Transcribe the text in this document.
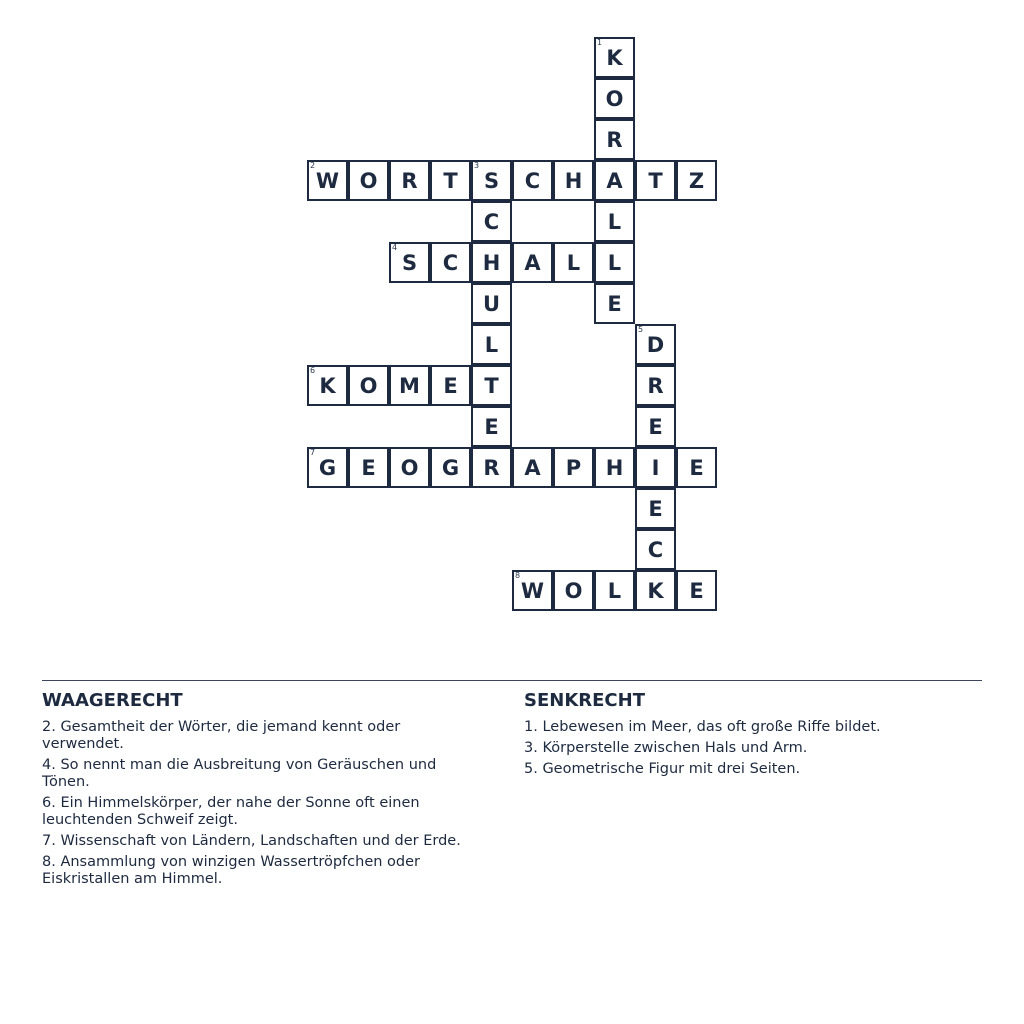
1
K
O
R
A
L
L
E
2
W O	R	T
3
S	C	H	T	Z
C
H
U
L
T
E
4
S	C	A	L
5
D
R
E
I
E
C
K
6
K	O	M	E
7
G	E	O	G	R	A	P	H	E
8
W O	L	E
WAAGERECHT

2. Gesamtheit der Wörter, die jemand kennt oder verwendet.

4. So nennt man die Ausbreitung von Geräuschen und Tönen.

6. Ein Himmelskörper, der nahe der Sonne oft einen leuchtenden Schweif zeigt.

7. Wissenschaft von Ländern, Landschaften und der Erde.

8. Ansammlung von winzigen Wassertröpfchen oder Eiskristallen am Himmel.

SENKRECHT

1. Lebewesen im Meer, das oft große Riffe bildet.

3. Körperstelle zwischen Hals und Arm.

5. Geometrische Figur mit drei Seiten.
